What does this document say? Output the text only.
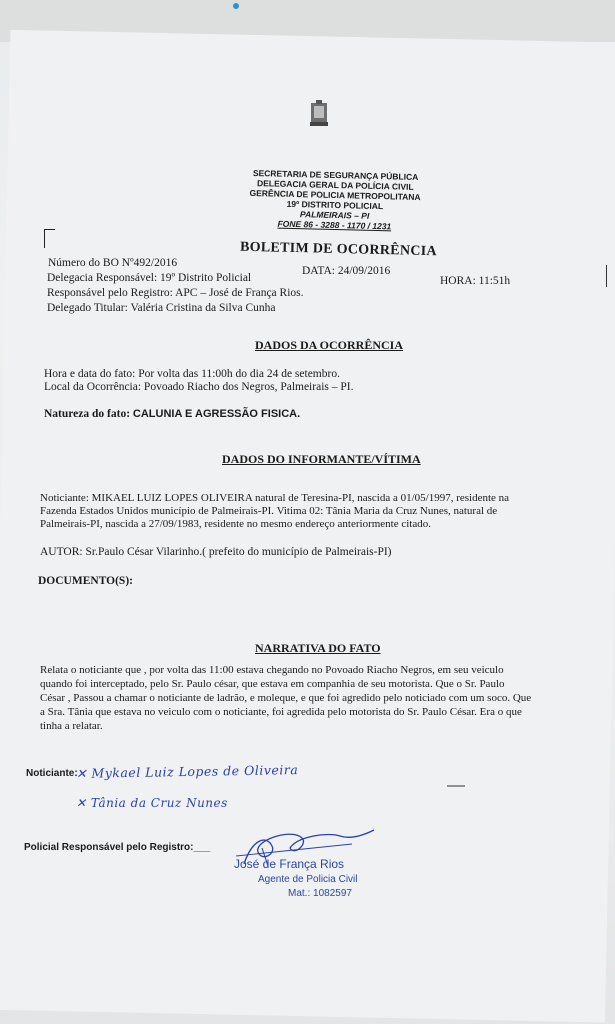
SECRETARIA DE SEGURANÇA PÚBLICA
DELEGACIA GERAL DA POLÍCIA CIVIL
GERÊNCIA DE POLICIA METROPOLITANA
19º DISTRITO POLICIAL
PALMEIRAIS – PI
FONE 86 - 3288 - 1170 / 1231
BOLETIM DE OCORRÊNCIA
Número do BO Nº492/2016
DATA: 24/09/2016
HORA: 11:51h
Delegacia Responsável: 19º Distrito Policial
Responsável pelo Registro: APC – José de França Rios.
Delegado Titular: Valéria Cristina da Silva Cunha
DADOS DA OCORRÊNCIA
Hora e data do fato: Por volta das 11:00h do dia 24 de setembro.
Local da Ocorrência: Povoado Riacho dos Negros, Palmeirais – PI.
Natureza do fato: CALUNIA E AGRESSÃO FISICA.
DADOS DO INFORMANTE/VÍTIMA
Noticiante: MIKAEL LUIZ LOPES OLIVEIRA natural de Teresina-PI, nascida a 01/05/1997, residente na
Fazenda Estados Unidos município de Palmeirais-PI. Vitima 02: Tânia Maria da Cruz Nunes, natural de
Palmeirais-PI, nascida a 27/09/1983, residente no mesmo endereço anteriormente citado.
AUTOR: Sr.Paulo César Vilarinho.( prefeito do município de Palmeirais-PI)
DOCUMENTO(S):
NARRATIVA DO FATO
Relata o noticiante que , por volta das 11:00 estava chegando no Povoado Riacho Negros, em seu veiculo
quando foi interceptado, pelo Sr. Paulo césar, que estava em companhia de seu motorista. Que o Sr. Paulo
César , Passou a chamar o noticiante de ladrão, e moleque, e que foi agredido pelo noticiado com um soco. Que
a Sra. Tânia que estava no veiculo com o noticiante, foi agredida pelo motorista do Sr. Paulo César. Era o que
tinha a relatar.
Noticiante:
✕ Mykael Luiz Lopes de Oliveira
✕ Tânia da Cruz Nunes
Policial Responsável pelo Registro:___
José de França Rios
Agente de Policia Civil
Mat.: 1082597
